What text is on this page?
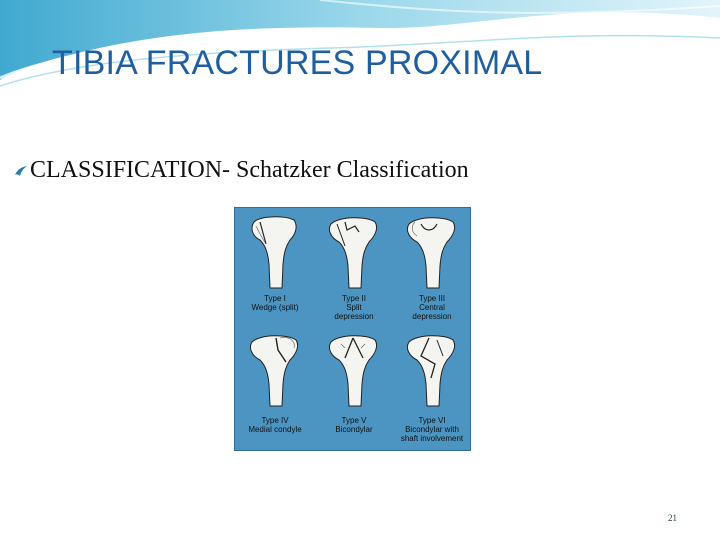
TIBIA FRACTURES PROXIMAL
CLASSIFICATION- Schatzker Classification
Type I
Wedge (split)
Type II
Split
depression
Type III
Central
depression
Type IV
Medial condyle
Type V
Bicondylar
Type VI
Bicondylar with
shaft involvement
21
